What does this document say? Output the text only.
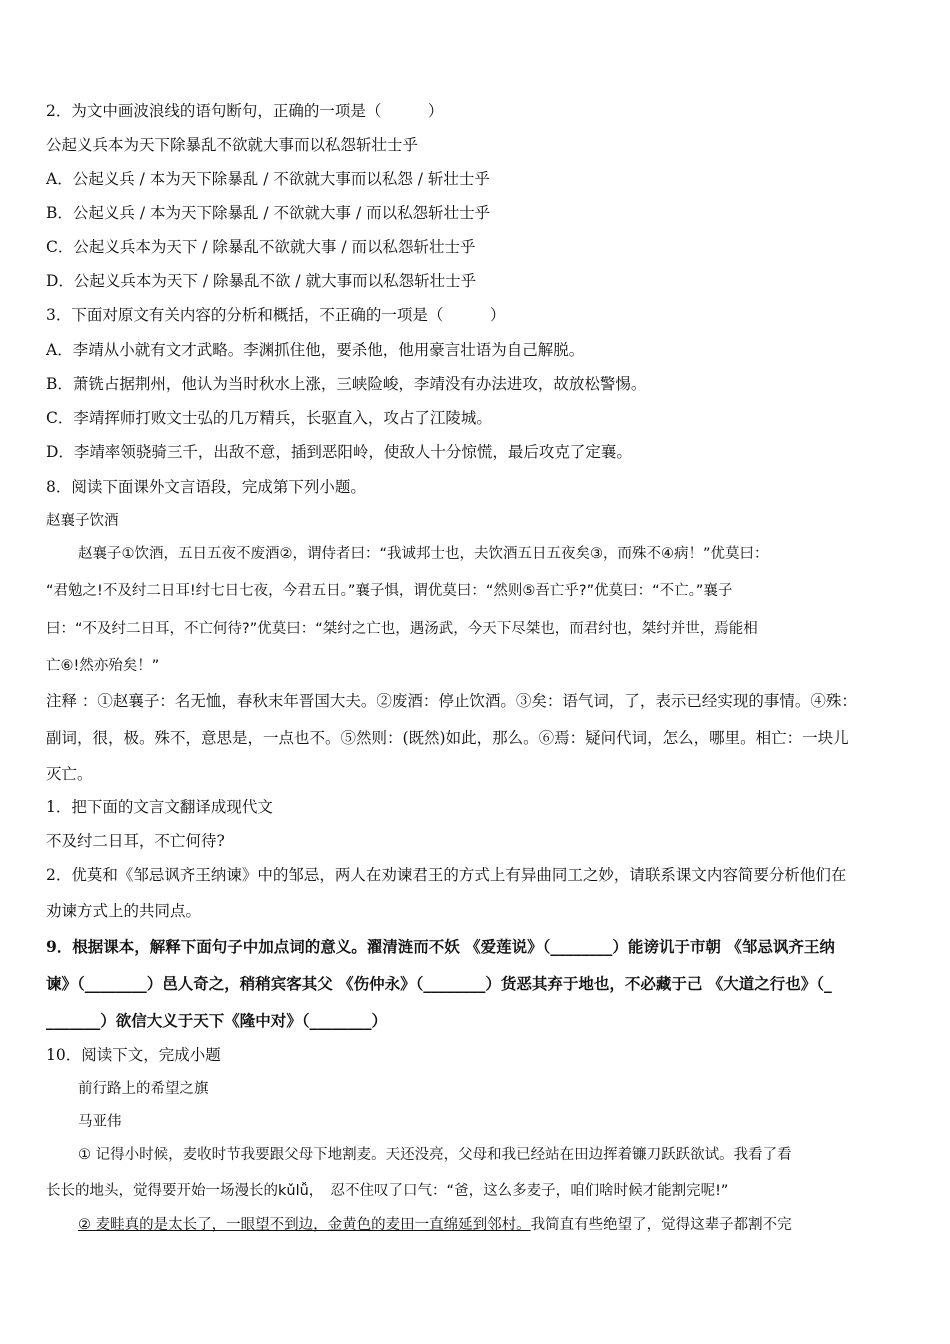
2．为文中画波浪线的语句断句，正确的一项是（　　　）
公起义兵本为天下除暴乱不欲就大事而以私怨斩壮士乎
A．公起义兵 / 本为天下除暴乱 / 不欲就大事而以私怨 / 斩壮士乎
B．公起义兵 / 本为天下除暴乱 / 不欲就大事 / 而以私怨斩壮士乎
C．公起义兵本为天下 / 除暴乱不欲就大事 / 而以私怨斩壮士乎
D．公起义兵本为天下 / 除暴乱不欲 / 就大事而以私怨斩壮士乎
3．下面对原文有关内容的分析和概括，不正确的一项是（　　　）
A．李靖从小就有文才武略。李渊抓住他，要杀他，他用豪言壮语为自己解脱。
B．萧铣占据荆州，他认为当时秋水上涨，三峡险峻，李靖没有办法进攻，故放松警惕。
C．李靖挥师打败文士弘的几万精兵，长驱直入，攻占了江陵城。
D．李靖率领骁骑三千，出敌不意，插到恶阳岭，使敌人十分惊慌，最后攻克了定襄。
8．阅读下面课外文言语段，完成第下列小题。
赵襄子饮酒
赵襄子①饮酒，五日五夜不废酒②，谓侍者曰：“我诚邦士也，夫饮酒五日五夜矣③，而殊不④病！”优莫曰：
“君勉之!不及纣二日耳!纣七日七夜，今君五日。”襄子惧，谓优莫曰：“然则⑤吾亡乎?”优莫曰：“不亡。”襄子
曰：“不及纣二日耳，不亡何待?”优莫曰：“桀纣之亡也，遇汤武，今天下尽桀也，而君纣也，桀纣并世，焉能相
亡⑥!然亦殆矣！”
注释 ：①赵襄子：名无恤，春秋末年晋国大夫。②废酒：停止饮酒。③矣：语气词，了，表示已经实现的事情。④殊：
副词，很，极。殊不，意思是，一点也不。⑤然则：(既然)如此，那么。⑥焉：疑问代词，怎么，哪里。相亡：一块儿
灭亡。
1．把下面的文言文翻译成现代文
不及纣二日耳，不亡何待?
2．优莫和《邹忌讽齐王纳谏》中的邹忌，两人在劝谏君王的方式上有异曲同工之妙，请联系课文内容简要分析他们在
劝谏方式上的共同点。
9．根据课本，解释下面句子中加点词的意义。濯清涟而不妖 《爱莲说》（________）能谤讥于市朝 《邹忌讽齐王纳
谏》（________）邑人奇之，稍稍宾客其父 《伤仲永》（________）货恶其弃于地也，不必藏于己 《大道之行也》（_
_______）欲信大义于天下《隆中对》（________）
10．阅读下文，完成小题
前行路上的希望之旗
马亚伟
① 记得小时候，麦收时节我要跟父母下地割麦。天还没亮，父母和我已经站在田边挥着镰刀跃跃欲试。我看了看
长长的地头，觉得要开始一场漫长的kǔlǚ，　忍不住叹了口气：“爸，这么多麦子，咱们啥时候才能割完呢!”
② 麦畦真的是太长了，一眼望不到边，金黄色的麦田一直绵延到邻村。我简直有些绝望了，觉得这辈子都割不完
